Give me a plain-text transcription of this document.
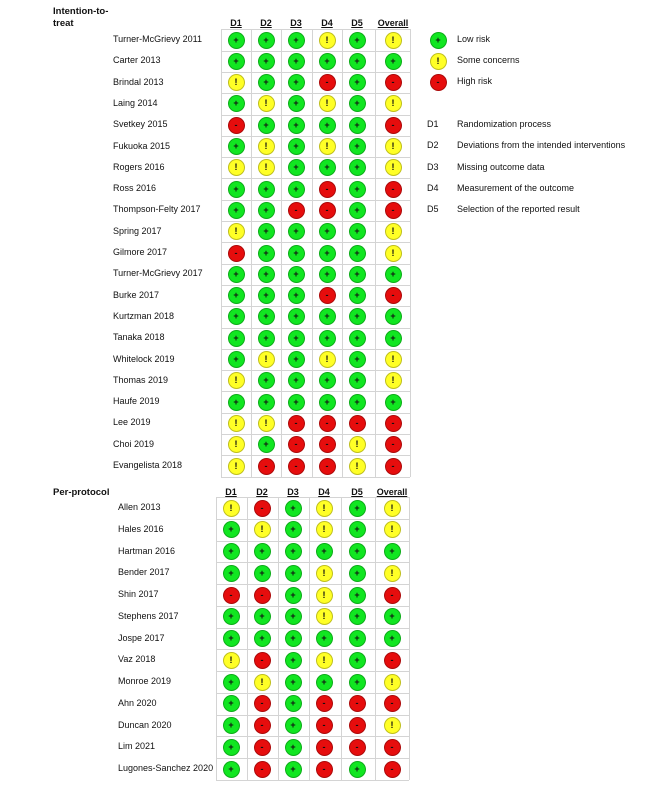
Intention-to-
treat	D1	D2	D3	D4	D5	Overall
Turner-McGrievy 2011	+	+	+	!	+	!
Carter 2013	+	+	+	+	+	+
Brindal 2013	!	+	+	-	+	-
Laing 2014	+	!	+	!	+	!
Svetkey 2015	-	+	+	+	+	-
Fukuoka 2015	+	!	+	!	+	!
Rogers 2016	!	!	+	+	+	!
Ross 2016	+	+	+	-	+	-
Thompson-Felty 2017	+	+	-	-	+	-
Spring 2017	!	+	+	+	+	!
Gilmore 2017	-	+	+	+	+	!
Turner-McGrievy 2017	+	+	+	+	+	+
Burke 2017	+	+	+	-	+	-
Kurtzman 2018	+	+	+	+	+	+
Tanaka 2018	+	+	+	+	+	+
Whitelock 2019	+	!	+	!	+	!
Thomas 2019	!	+	+	+	+	!
Haufe 2019	+	+	+	+	+	+
Lee 2019	!	!	-	-	-	-
Choi 2019	!	+	-	-	!	-
Evangelista 2018	!	-	-	-	!	-
Per-protocol	D1	D2	D3	D4	D5	Overall
Allen 2013	!	-	+	!	+	!
Hales 2016	+	!	+	!	+	!
Hartman 2016	+	+	+	+	+	+
Bender 2017	+	+	+	!	+	!
Shin 2017	-	-	+	!	+	-
Stephens 2017	+	+	+	!	+	+
Jospe 2017	+	+	+	+	+	+
Vaz 2018	!	-	+	!	+	-
Monroe 2019	+	!	+	+	+	!
Ahn 2020	+	-	+	-	-	-
Duncan 2020	+	-	+	-	-	!
Lim 2021	+	-	+	-	-	-
Lugones-Sanchez 2020	+	-	+	-	+	-
+	Low risk
!	Some concerns
-	High risk
D1 Randomization process
D2 Deviations from the intended interventions
D3 Missing outcome data
D4 Measurement of the outcome
D5 Selection of the reported result
